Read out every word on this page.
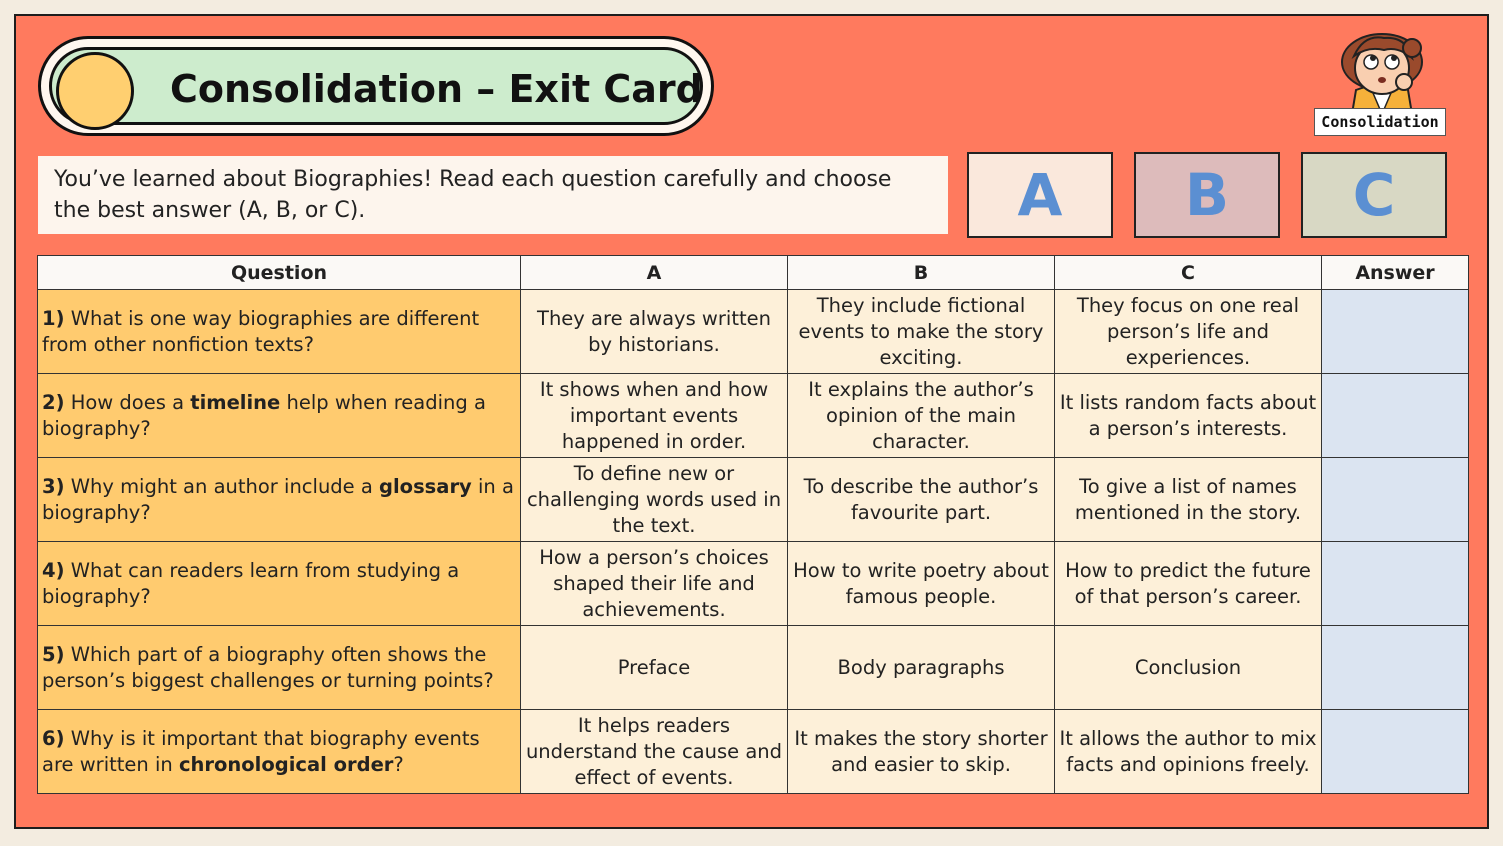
Consolidation – Exit Card
Consolidation
You’ve learned about Biographies! Read each question carefully and choose the best answer (A, B, or C).	A	B	C
Question	A	B	C	Answer
1) What is one way biographies are different from other nonfiction texts?	They are always written by historians.	They include fictional events to make the story exciting.	They focus on one real person’s life and experiences.	
2) How does a timeline help when reading a biography?	It shows when and how important events happened in order.	It explains the author’s opinion of the main character.	It lists random facts about a person’s interests.	
3) Why might an author include a glossary in a biography?	To define new or challenging words used in the text.	To describe the author’s favourite part.	To give a list of names mentioned in the story.	
4) What can readers learn from studying a biography?	How a person’s choices shaped their life and achievements.	How to write poetry about famous people.	How to predict the future of that person’s career.	
5) Which part of a biography often shows the person’s biggest challenges or turning points?	Preface	Body paragraphs	Conclusion	
6) Why is it important that biography events are written in chronological order?	It helps readers understand the cause and effect of events.	It makes the story shorter and easier to skip.	It allows the author to mix facts and opinions freely.	
